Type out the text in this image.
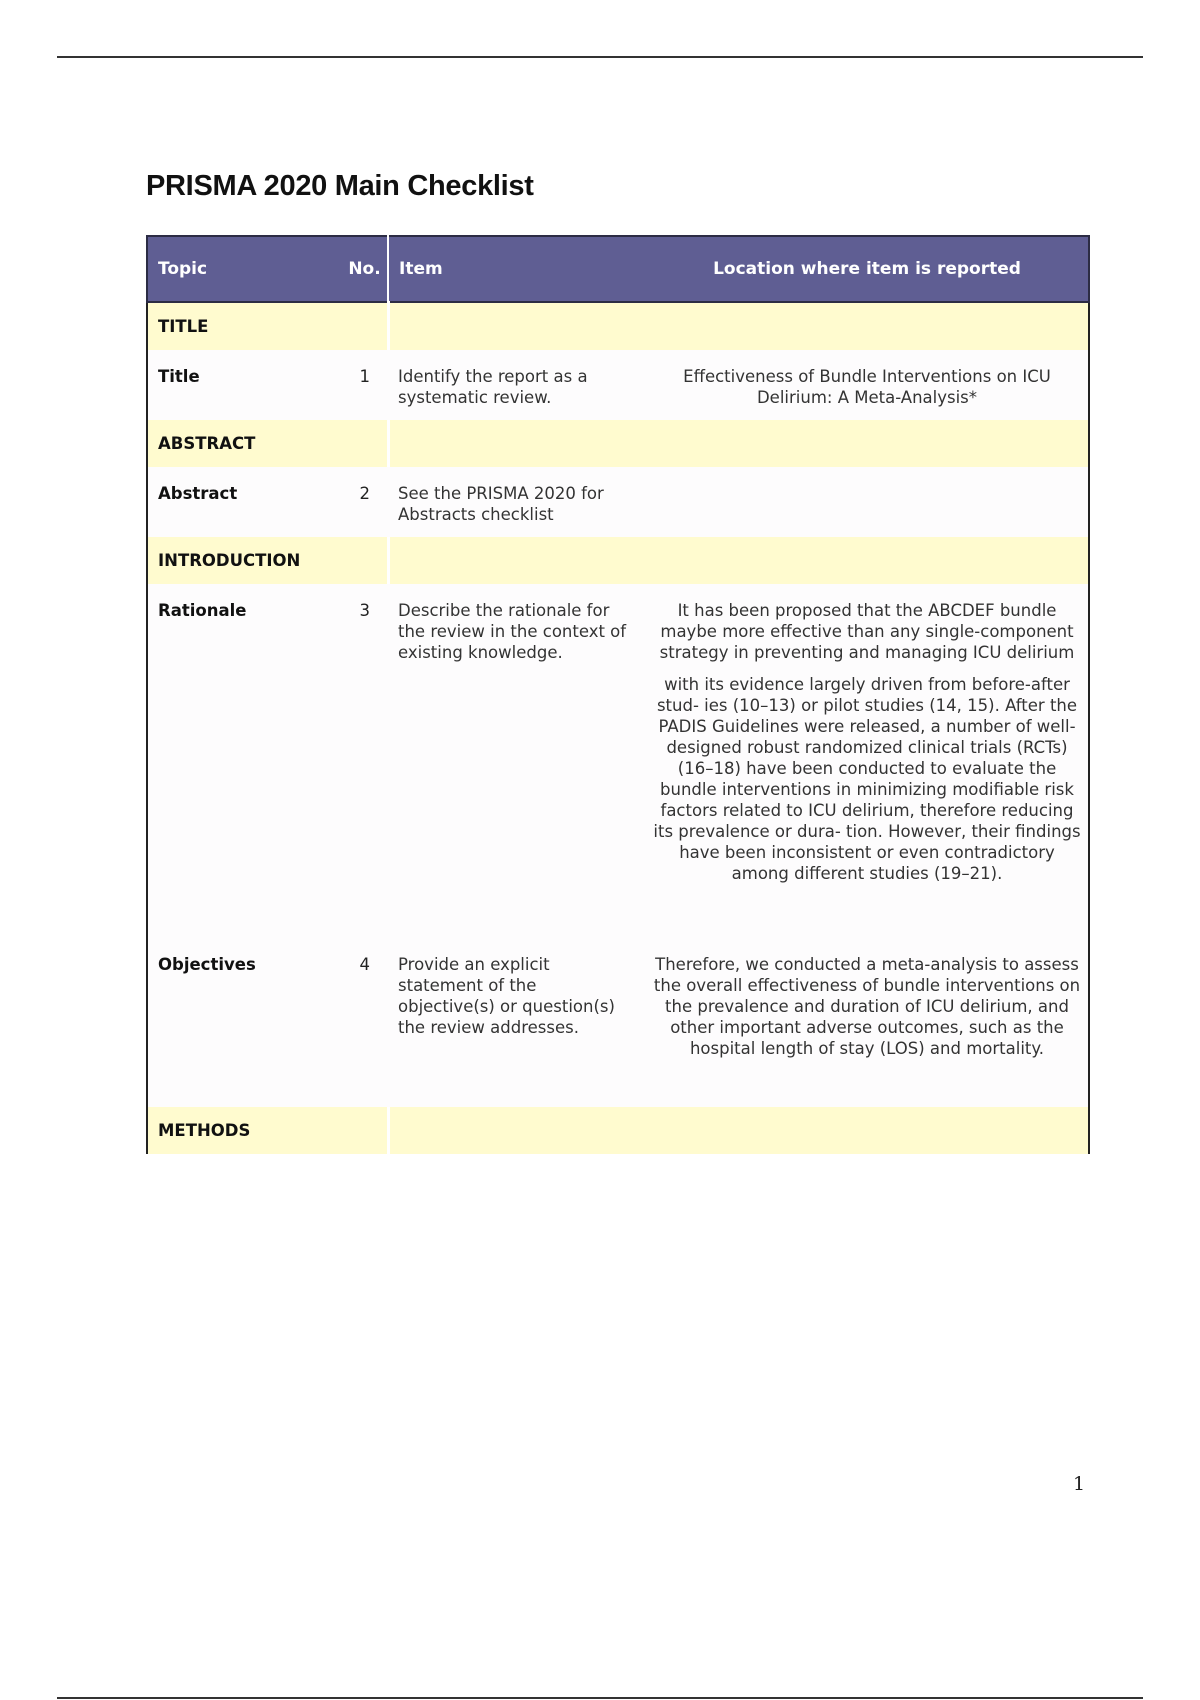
PRISMA 2020 Main Checklist
Topic	No.	Item	Location where item is reported
TITLE			
Title	1	Identify the report as a systematic review.	Effectiveness of Bundle Interventions on ICU Delirium: A Meta-Analysis*

ABSTRACT			
Abstract	2	See the PRISMA 2020 for Abstracts checklist	
INTRODUCTION			
Rationale	3	Describe the rationale for the review in the context of existing knowledge.	It has been proposed that the ABCDEF bundle maybe more effective than any single-component strategy in preventing and managing ICU delirium

with its evidence largely driven from before-after stud- ies (10–13) or pilot studies (14, 15). After the PADIS Guidelines were released, a number of well-designed robust randomized clinical trials (RCTs) (16–18) have been conducted to evaluate the bundle interventions in minimizing modifiable risk factors related to ICU delirium, therefore reducing its prevalence or dura- tion. However, their findings have been inconsistent or even contradictory among different studies (19–21).

Objectives	4	Provide an explicit statement of the objective(s) or question(s) the review addresses.	Therefore, we conducted a meta-analysis to assess the overall effectiveness of bundle interventions on the prevalence and duration of ICU delirium, and other important adverse outcomes, such as the hospital length of stay (LOS) and mortality.

METHODS			
1
